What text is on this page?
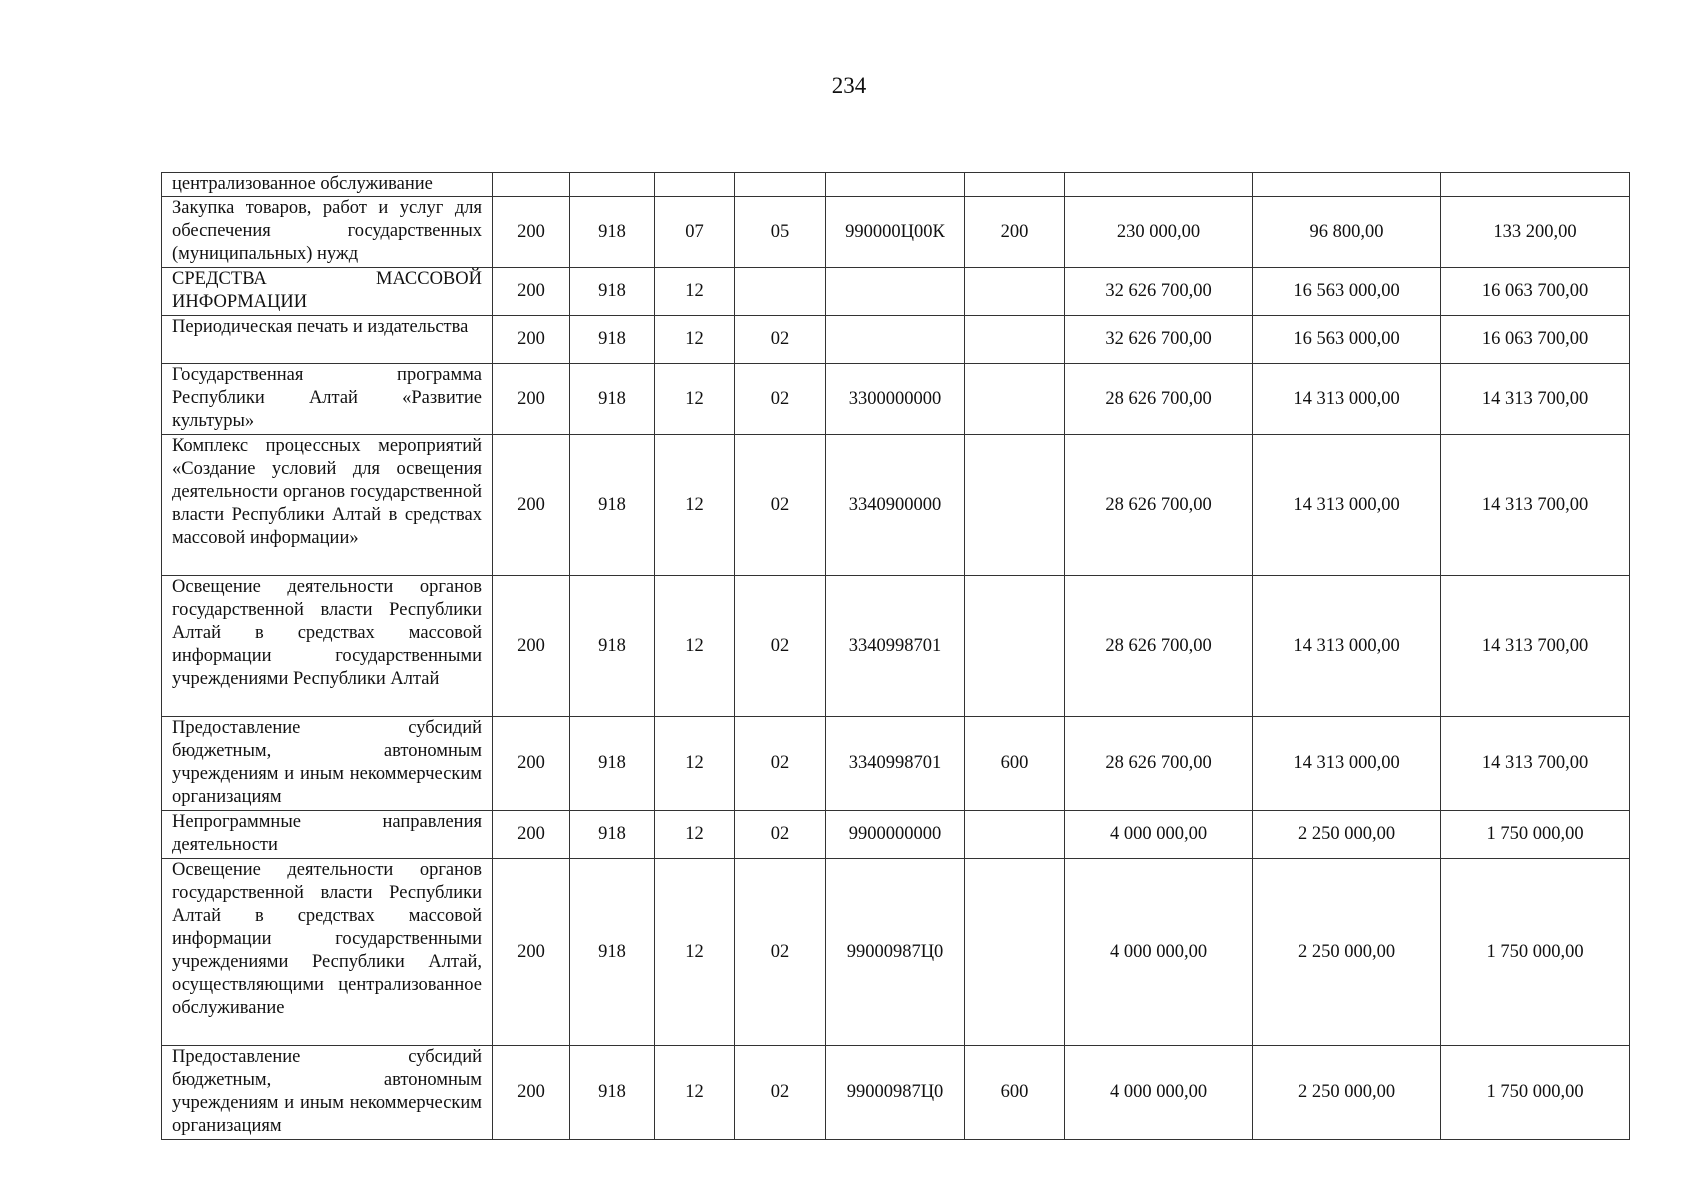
234
централизованное обслуживание									
Закупка товаров, работ и услуг для обеспечения государственных (муниципальных) нужд	200	918	07	05	990000Ц00К	200	230 000,00	96 800,00	133 200,00
СРЕДСТВА МАССОВОЙ ИНФОРМАЦИИ	200	918	12				32 626 700,00	16 563 000,00	16 063 700,00
Периодическая печать и издательства	200	918	12	02			32 626 700,00	16 563 000,00	16 063 700,00
Государственная программа Республики Алтай «Развитие культуры»	200	918	12	02	3300000000		28 626 700,00	14 313 000,00	14 313 700,00
Комплекс процессных мероприятий «Создание условий для освещения деятельности органов государственной власти Республики Алтай в средствах массовой информации»	200	918	12	02	3340900000		28 626 700,00	14 313 000,00	14 313 700,00
Освещение деятельности органов государственной власти Республики Алтай в средствах массовой информации государственными учреждениями Республики Алтай	200	918	12	02	3340998701		28 626 700,00	14 313 000,00	14 313 700,00
Предоставление субсидий бюджетным, автономным учреждениям и иным некоммерческим организациям	200	918	12	02	3340998701	600	28 626 700,00	14 313 000,00	14 313 700,00
Непрограммные направления деятельности	200	918	12	02	9900000000		4 000 000,00	2 250 000,00	1 750 000,00
Освещение деятельности органов государственной власти Республики Алтай в средствах массовой информации государственными учреждениями Республики Алтай, осуществляющими централизованное обслуживание	200	918	12	02	99000987Ц0		4 000 000,00	2 250 000,00	1 750 000,00
Предоставление субсидий бюджетным, автономным учреждениям и иным некоммерческим организациям	200	918	12	02	99000987Ц0	600	4 000 000,00	2 250 000,00	1 750 000,00
